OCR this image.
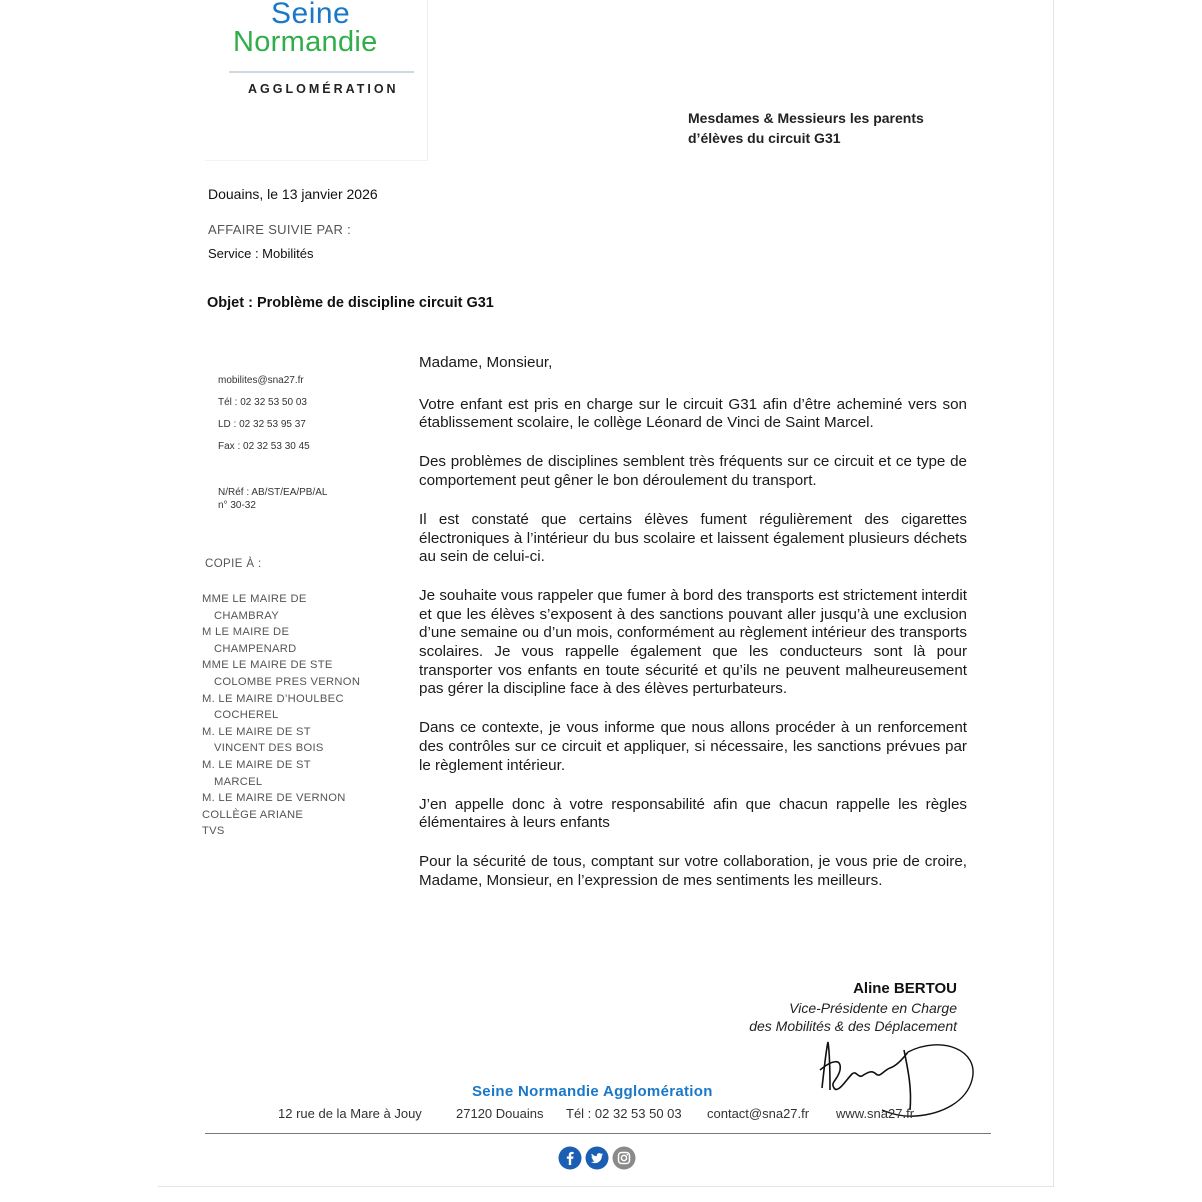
Seine
Normandie
AGGLOMÉRATION
Mesdames & Messieurs les parents
d’élèves du circuit G31
Douains, le 13 janvier 2026
AFFAIRE SUIVIE PAR :
Service : Mobilités
Objet : Problème de discipline circuit G31
mobilites@sna27.fr
Tél : 02 32 53 50 03
LD : 02 32 53 95 37
Fax : 02 32 53 30 45
N/Réf : AB/ST/EA/PB/AL
n° 30-32
COPIE À :
MME LE MAIRE DE
CHAMBRAY
M LE MAIRE DE
CHAMPENARD
MME LE MAIRE DE STE
COLOMBE PRES VERNON
M. LE MAIRE D’HOULBEC
COCHEREL
M. LE MAIRE DE ST
VINCENT DES BOIS
M. LE MAIRE DE ST
MARCEL
M. LE MAIRE DE VERNON
COLLÈGE ARIANE
TVS

Madame, Monsieur,

Votre enfant est pris en charge sur le circuit G31 afin d’être acheminé vers son établissement scolaire, le collège Léonard de Vinci de Saint Marcel.

Des problèmes de disciplines semblent très fréquents sur ce circuit et ce type de comportement peut gêner le bon déroulement du transport.

Il est constaté que certains élèves fument régulièrement des cigarettes électroniques à l’intérieur du bus scolaire et laissent également plusieurs déchets au sein de celui-ci.

Je souhaite vous rappeler que fumer à bord des transports est strictement interdit et que les élèves s’exposent à des sanctions pouvant aller jusqu’à une exclusion d’une semaine ou d’un mois, conformément au règlement intérieur des transports scolaires. Je vous rappelle également que les conducteurs sont là pour transporter vos enfants en toute sécurité et qu’ils ne peuvent malheureusement pas gérer la discipline face à des élèves perturbateurs.

Dans ce contexte, je vous informe que nous allons procéder à un renforcement des contrôles sur ce circuit et appliquer, si nécessaire, les sanctions prévues par le règlement intérieur.

J’en appelle donc à votre responsabilité afin que chacun rappelle les règles élémentaires à leurs enfants

Pour la sécurité de tous, comptant sur votre collaboration, je vous prie de croire, Madame, Monsieur, en l’expression de mes sentiments les meilleurs.

Aline BERTOU
Vice-Présidente en Charge
des Mobilités & des Déplacement
Seine Normandie Agglomération
12 rue de la Mare à Jouy	27120 Douains Tél : 02 32 53 50 03 contact@sna27.fr www.sna27.fr
